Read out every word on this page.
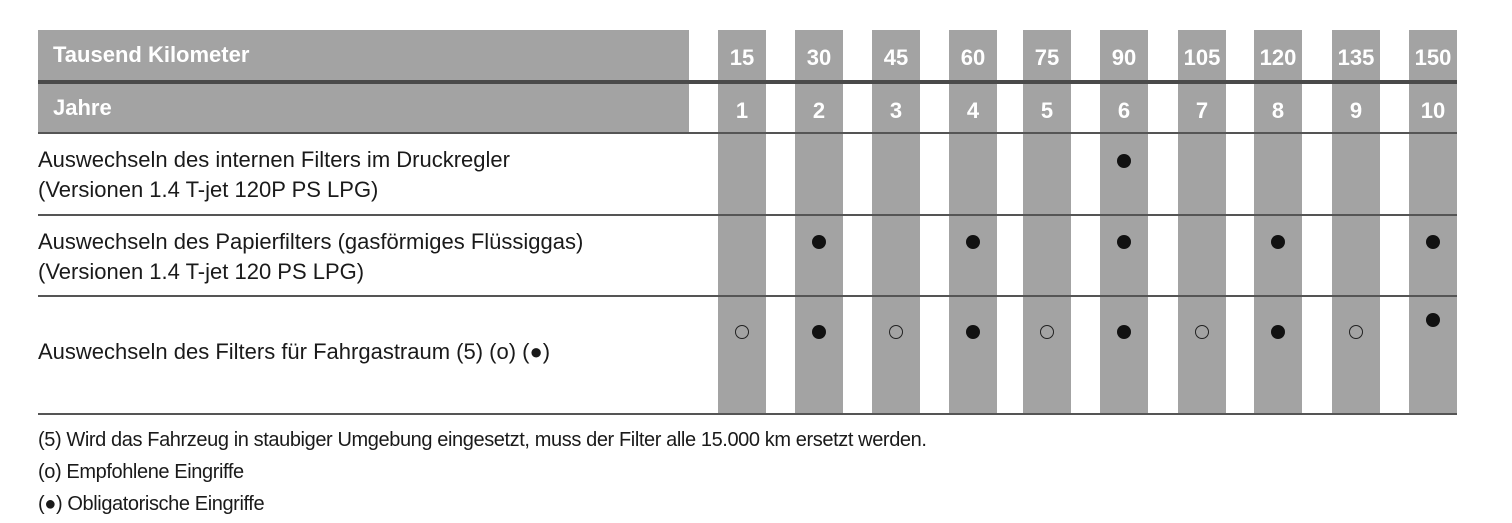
Tausend Kilometer
Jahre
15
1
30
2
45
3
60
4
75
5
90
6
105
7
120
8
135
9
150
10
Auswechseln des internen Filters im Druckregler
(Versionen 1.4 T-jet 120P PS LPG)
Auswechseln des Papierfilters (gasförmiges Flüssiggas)
(Versionen 1.4 T-jet 120 PS LPG)
Auswechseln des Filters für Fahrgastraum (5) (o) (●)
(5) Wird das Fahrzeug in staubiger Umgebung eingesetzt, muss der Filter alle 15.000 km ersetzt werden.
(o) Empfohlene Eingriffe
(●) Obligatorische Eingriffe
